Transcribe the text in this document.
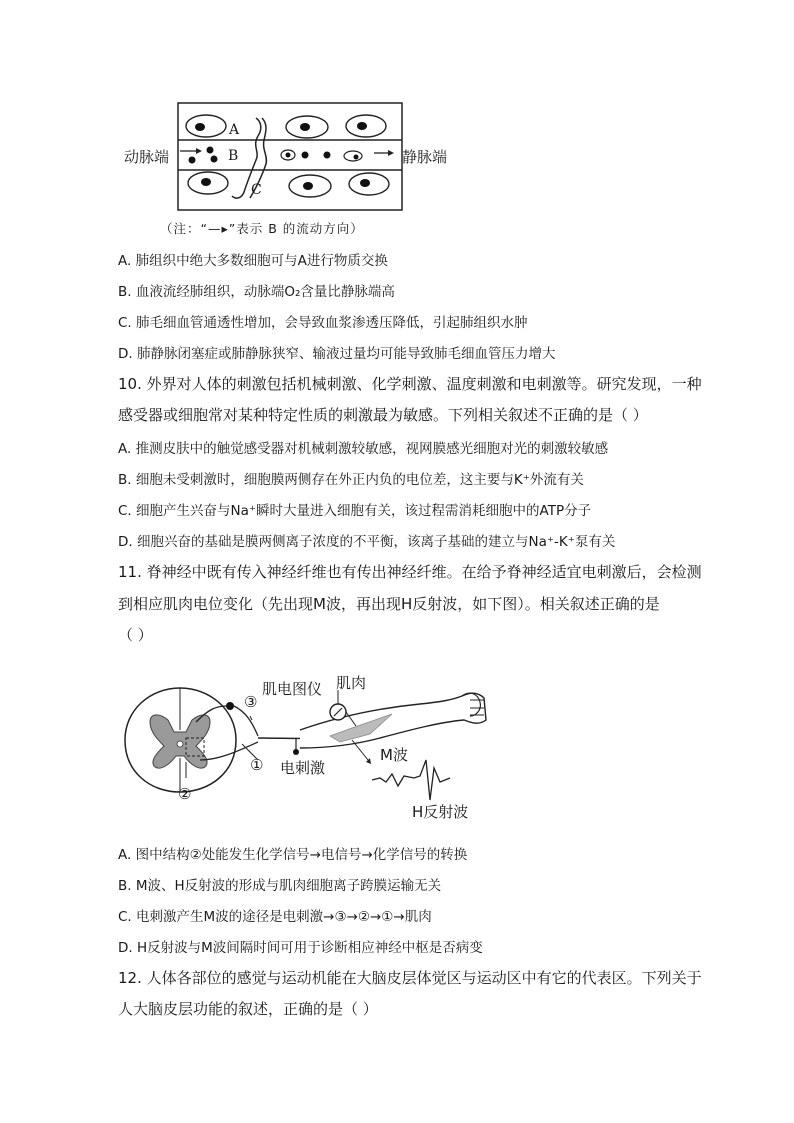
动脉端	静脉端
A
B
C
（注：“—▸”表示 B 的流动方向）
A. 肺组织中绝大多数细胞可与A进行物质交换
B. 血液流经肺组织，动脉端O₂含量比静脉端高
C. 肺毛细血管通透性增加，会导致血浆渗透压降低，引起肺组织水肿
D. 肺静脉闭塞症或肺静脉狭窄、输液过量均可能导致肺毛细血管压力增大
10. 外界对人体的刺激包括机械刺激、化学刺激、温度刺激和电刺激等。研究发现，一种
感受器或细胞常对某种特定性质的刺激最为敏感。下列相关叙述不正确的是（ ）
A. 推测皮肤中的触觉感受器对机械刺激较敏感，视网膜感光细胞对光的刺激较敏感
B. 细胞未受刺激时，细胞膜两侧存在外正内负的电位差，这主要与K⁺外流有关
C. 细胞产生兴奋与Na⁺瞬时大量进入细胞有关，该过程需消耗细胞中的ATP分子
D. 细胞兴奋的基础是膜两侧离子浓度的不平衡，该离子基础的建立与Na⁺-K⁺泵有关
11. 脊神经中既有传入神经纤维也有传出神经纤维。在给予脊神经适宜电刺激后，会检测
到相应肌肉电位变化（先出现M波，再出现H反射波，如下图）。相关叙述正确的是
（ ）
肌电图仪 肌肉
③
①
②
电刺激
M波
H反射波
A. 图中结构②处能发生化学信号→电信号→化学信号的转换
B. M波、H反射波的形成与肌肉细胞离子跨膜运输无关
C. 电刺激产生M波的途径是电刺激→③→②→①→肌肉
D. H反射波与M波间隔时间可用于诊断相应神经中枢是否病变
12. 人体各部位的感觉与运动机能在大脑皮层体觉区与运动区中有它的代表区。下列关于
人大脑皮层功能的叙述，正确的是（ ）
